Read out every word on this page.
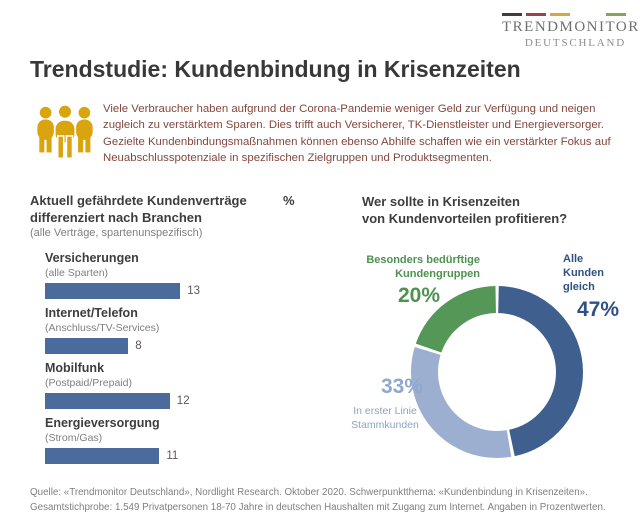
TRENDMONITOR
DEUTSCHLAND
Trendstudie: Kundenbindung in Krisenzeiten

Viele Verbraucher haben aufgrund der Corona-Pandemie weniger Geld zur Verfügung und neigen zugleich zu verstärktem Sparen. Dies trifft auch Versicherer, TK-Dienstleister und Energieversorger. Gezielte Kundenbindungsmaßnahmen können ebenso Abhilfe schaffen wie ein verstärkter Fokus auf Neuabschlusspotenziale in spezifischen Zielgruppen und Produktsegmenten.

Aktuell gefährdete Kundenverträge	%

differenziert nach Branchen
(alle Verträge, spartenunspezifisch)
Versicherungen
(alle Sparten)
13
Internet/Telefon
(Anschluss/TV-Services)
8
Mobilfunk
(Postpaid/Prepaid)
12
Energieversorgung
(Strom/Gas)
11
Wer sollte in Krisenzeiten
von Kundenvorteilen profitieren?
Besonders bedürftige Kundengruppen
20%
Alle Kunden gleich
47%
33%
In erster Linie Stammkunden
Quelle: «Trendmonitor Deutschland», Nordlight Research. Oktober 2020. Schwerpunktthema: «Kundenbindung in Krisenzeiten».
Gesamtstichprobe: 1.549 Privatpersonen 18-70 Jahre in deutschen Haushalten mit Zugang zum Internet. Angaben in Prozentwerten.
